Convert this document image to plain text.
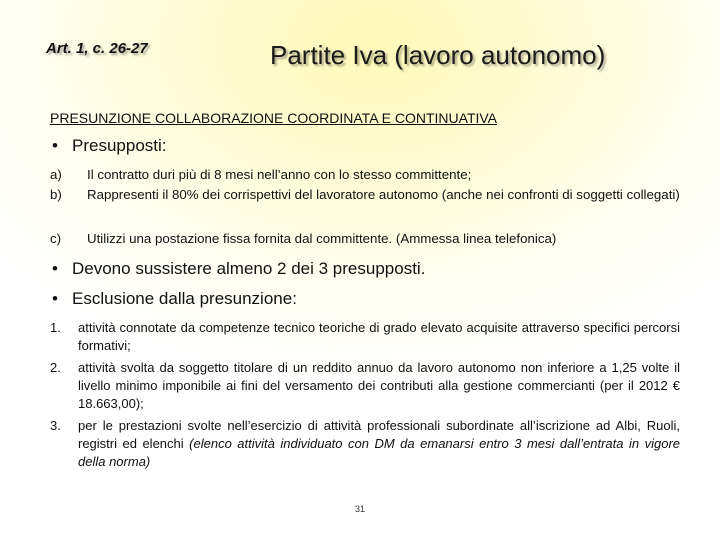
Art. 1, c. 26-27	Partite Iva (lavoro autonomo)
PRESUNZIONE COLLABORAZIONE COORDINATA E CONTINUATIVA
• Presupposti:
a) Il contratto duri più di 8 mesi nell’anno con lo stesso committente;
b) Rappresenti il 80% dei corrispettivi del lavoratore autonomo (anche nei confronti di soggetti collegati)
c) Utilizzi una postazione fissa fornita dal committente. (Ammessa linea telefonica)
• Devono sussistere almeno 2 dei 3 presupposti.
• Esclusione dalla presunzione:
1. attività connotate da competenze tecnico teoriche di grado elevato acquisite attraverso specifici percorsi formativi;
2. attività svolta da soggetto titolare di un reddito annuo da lavoro autonomo non inferiore a 1,25 volte il livello minimo imponibile ai fini del versamento dei contributi alla gestione commercianti (per il 2012 € 18.663,00);
3. per le prestazioni svolte nell’esercizio di attività professionali subordinate all’iscrizione ad Albi, Ruoli, registri ed elenchi (elenco attività individuato con DM da emanarsi entro 3 mesi dall’entrata in vigore della norma)
31
